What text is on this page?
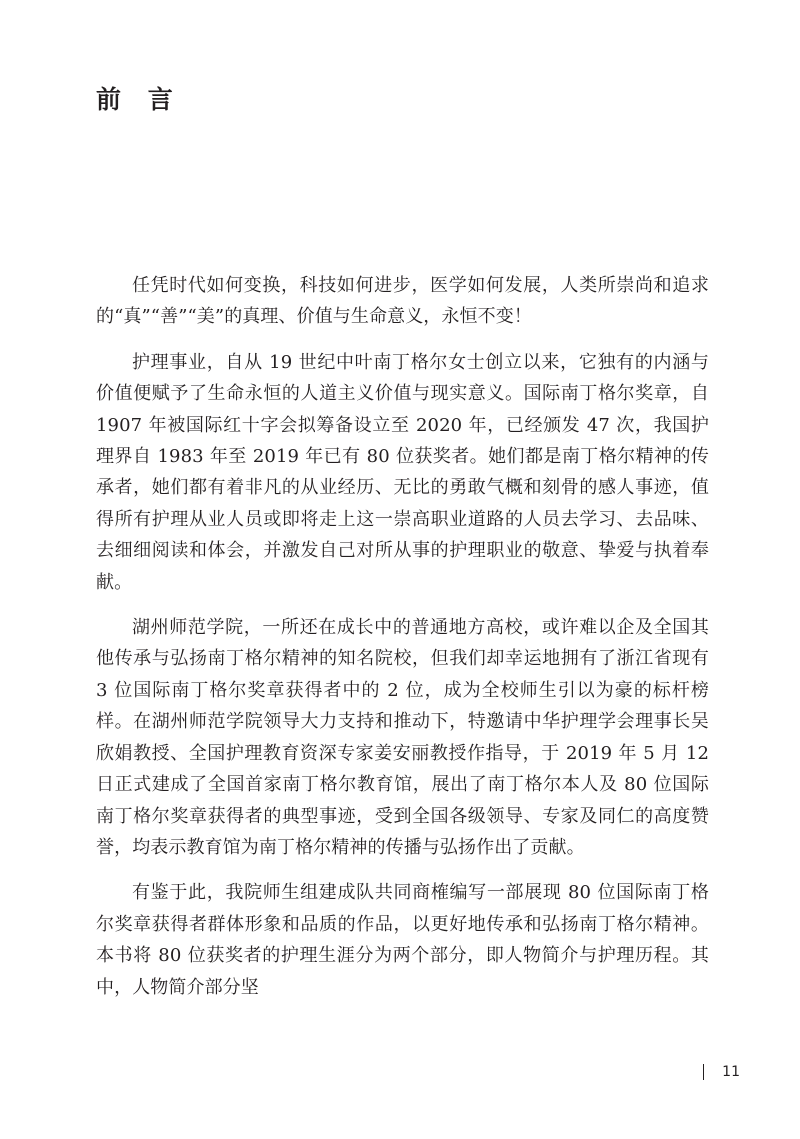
前 言

任凭时代如何变换，科技如何进步，医学如何发展，人类所崇尚和追求的“真”“善”“美”的真理、价值与生命意义，永恒不变！

护理事业，自从 19 世纪中叶南丁格尔女士创立以来，它独有的内涵与价值便赋予了生命永恒的人道主义价值与现实意义。国际南丁格尔奖章，自 1907 年被国际红十字会拟筹备设立至 2020 年，已经颁发 47 次，我国护理界自 1983 年至 2019 年已有 80 位获奖者。她们都是南丁格尔精神的传承者，她们都有着非凡的从业经历、无比的勇敢气概和刻骨的感人事迹，值得所有护理从业人员或即将走上这一崇高职业道路的人员去学习、去品味、去细细阅读和体会，并激发自己对所从事的护理职业的敬意、挚爱与执着奉献。

湖州师范学院，一所还在成长中的普通地方高校，或许难以企及全国其他传承与弘扬南丁格尔精神的知名院校，但我们却幸运地拥有了浙江省现有 3 位国际南丁格尔奖章获得者中的 2 位，成为全校师生引以为豪的标杆榜样。在湖州师范学院领导大力支持和推动下，特邀请中华护理学会理事长吴欣娟教授、全国护理教育资深专家姜安丽教授作指导，于 2019 年 5 月 12 日正式建成了全国首家南丁格尔教育馆，展出了南丁格尔本人及 80 位国际南丁格尔奖章获得者的典型事迹，受到全国各级领导、专家及同仁的高度赞誉，均表示教育馆为南丁格尔精神的传播与弘扬作出了贡献。

有鉴于此，我院师生组建成队共同商榷编写一部展现 80 位国际南丁格尔奖章获得者群体形象和品质的作品，以更好地传承和弘扬南丁格尔精神。本书将 80 位获奖者的护理生涯分为两个部分，即人物简介与护理历程。其中，人物简介部分坚

11
